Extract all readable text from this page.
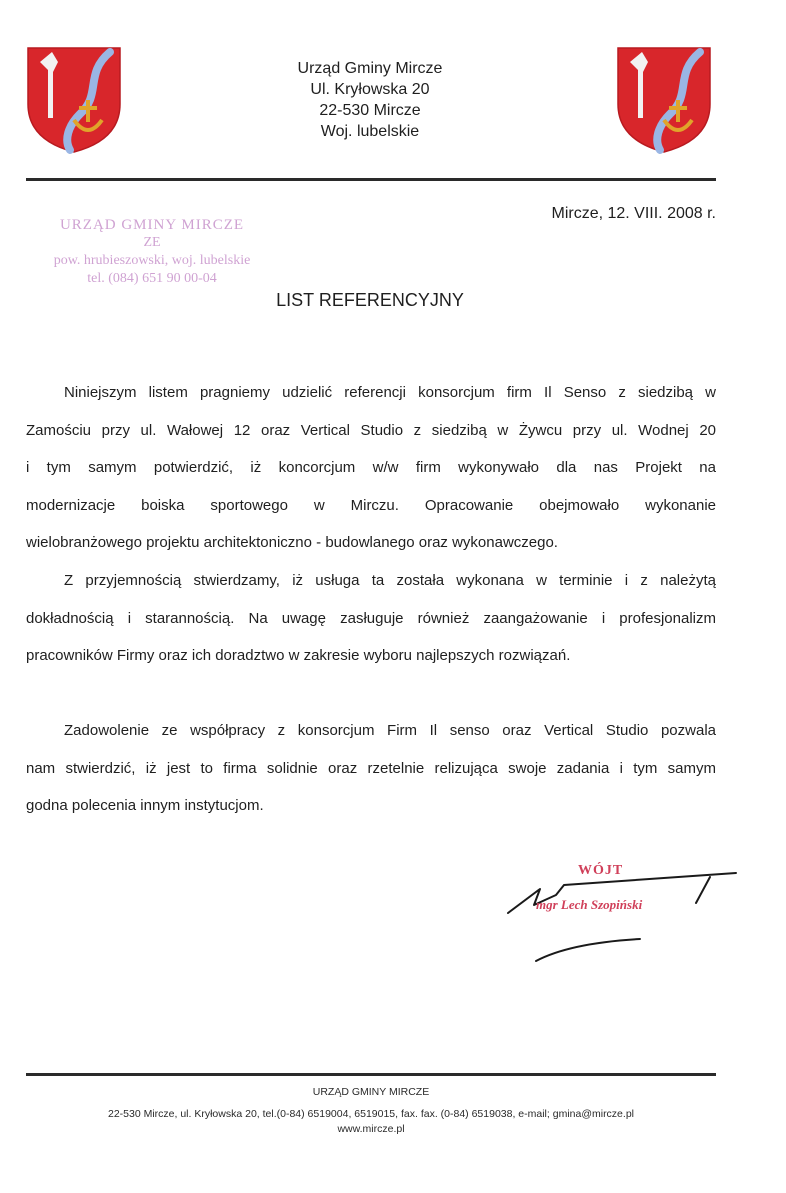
Urząd Gminy Mircze
Ul. Kryłowska 20
22-530 Mircze
Woj. lubelskie
URZĄD GMINY MIRCZE
ZE
pow. hrubieszowski, woj. lubelskie
tel. (084) 651 90 00-04
Mircze, 12. VIII. 2008 r.
LIST REFERENCYJNY
Niniejszym listem pragniemy udzielić referencji konsorcjum firm Il Senso z siedzibą w
Zamościu przy ul. Wałowej 12 oraz Vertical Studio z siedzibą w Żywcu przy ul. Wodnej 20
i tym samym potwierdzić, iż koncorcjum w/w firm wykonywało dla nas Projekt na
modernizacje boiska sportowego w Mirczu. Opracowanie obejmowało wykonanie
wielobranżowego projektu architektoniczno - budowlanego oraz wykonawczego.
Z przyjemnością stwierdzamy, iż usługa ta została wykonana w terminie i z należytą
dokładnością i starannością. Na uwagę zasługuje również zaangażowanie i profesjonalizm
pracowników Firmy oraz ich doradztwo w zakresie wyboru najlepszych rozwiązań.
Zadowolenie ze współpracy z konsorcjum Firm Il senso oraz Vertical Studio pozwala
nam stwierdzić, iż jest to firma solidnie oraz rzetelnie relizująca swoje zadania i tym samym
godna polecenia innym instytucjom.
WÓJT
mgr Lech Szopiński
URZĄD GMINY MIRCZE
22-530 Mircze, ul. Kryłowska 20, tel.(0-84) 6519004, 6519015, fax. fax. (0-84) 6519038, e-mail; gmina@mircze.pl
www.mircze.pl
